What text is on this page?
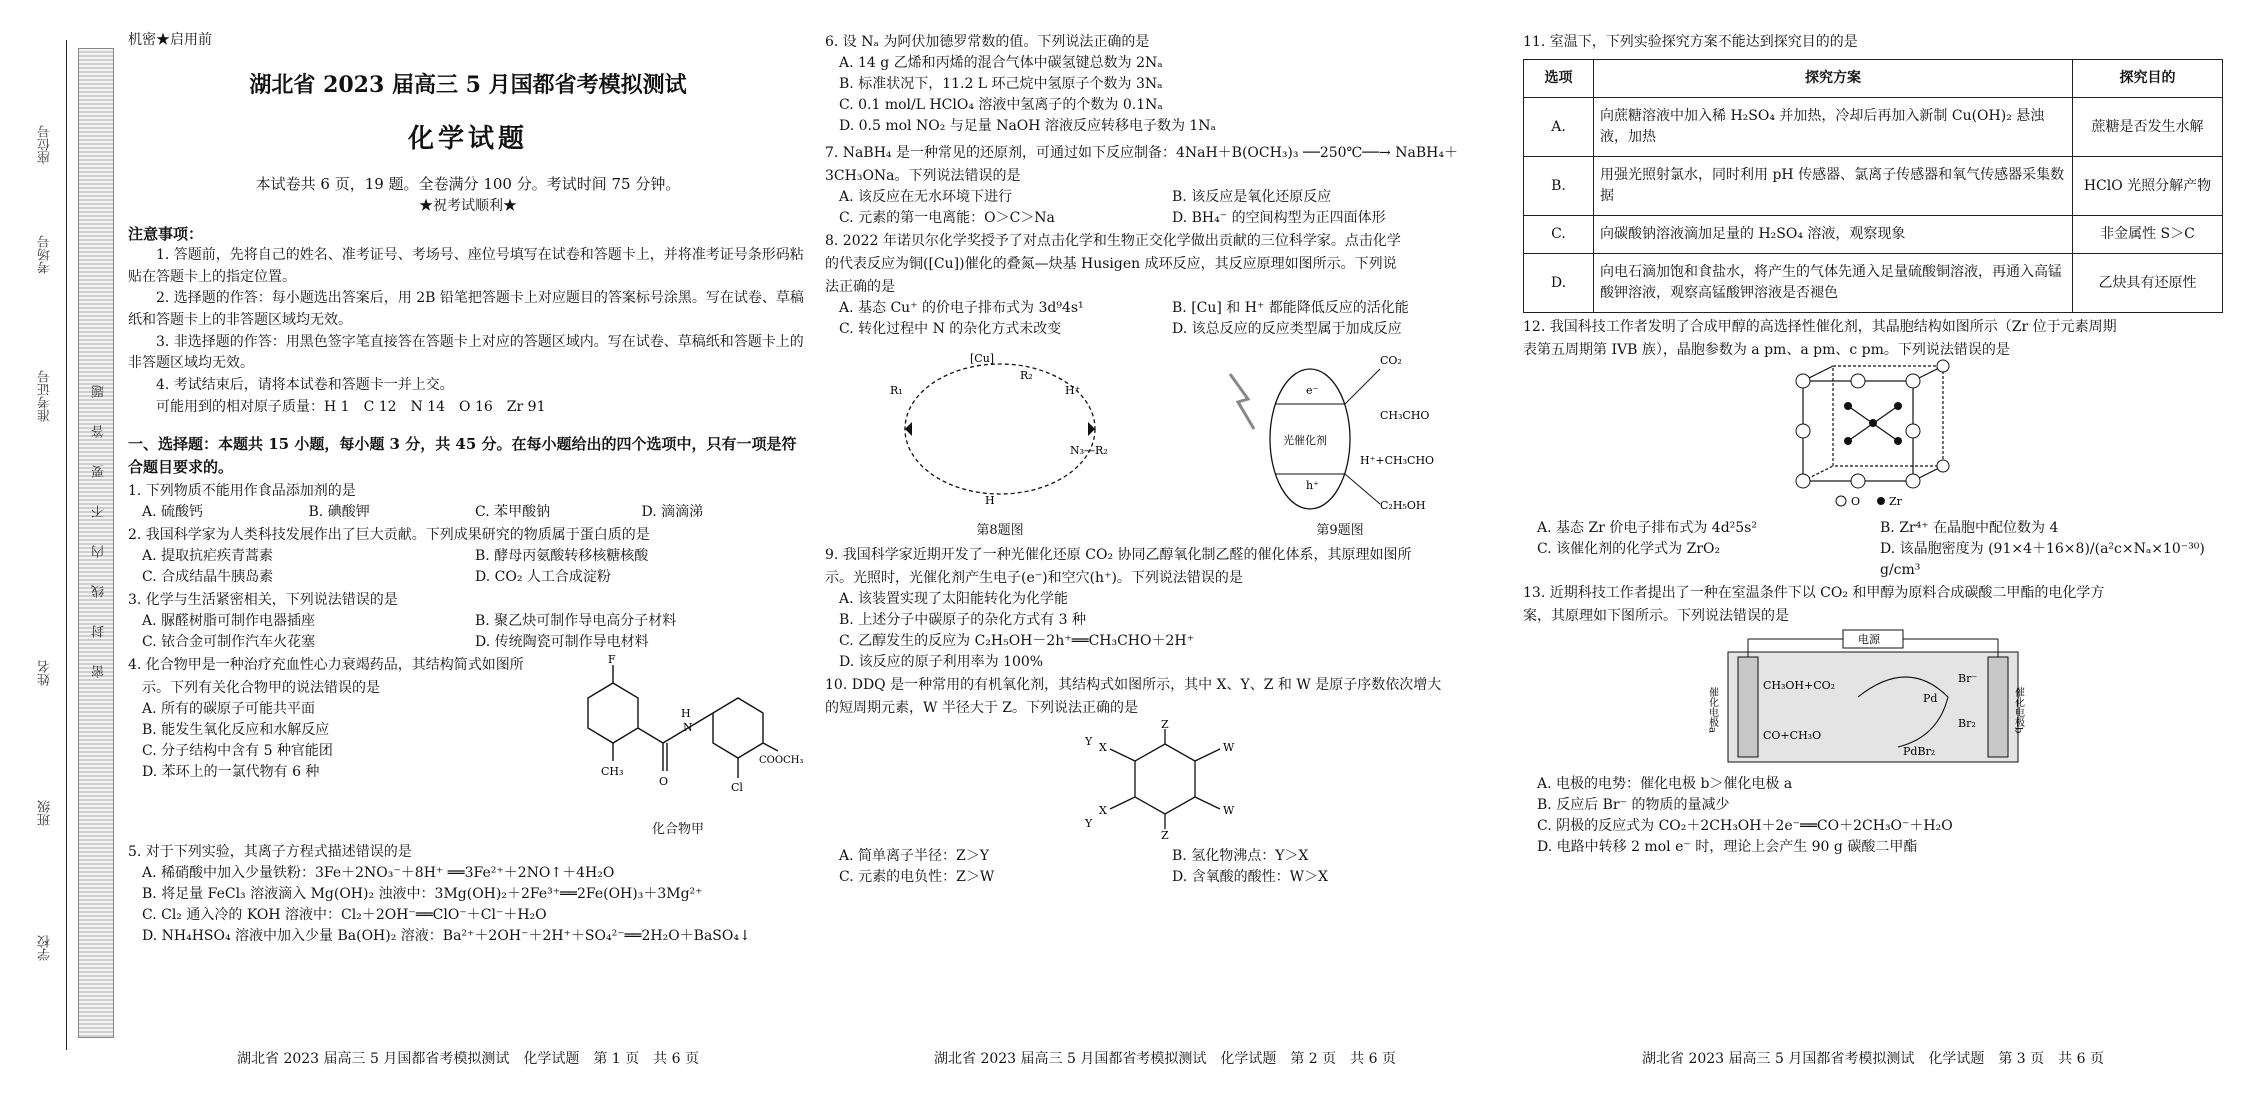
座位号
考场号
准考证号
姓名
班级
学校
题
答
要
不
内
线
封
密
机密★启用前
湖北省 2023 届高三 5 月国都省考模拟测试
化学试题
本试卷共 6 页，19 题。全卷满分 100 分。考试时间 75 分钟。
★祝考试顺利★
注意事项：
1. 答题前，先将自己的姓名、准考证号、考场号、座位号填写在试卷和答题卡上，并将准考证号条形码粘贴在答题卡上的指定位置。
2. 选择题的作答：每小题选出答案后，用 2B 铅笔把答题卡上对应题目的答案标号涂黑。写在试卷、草稿纸和答题卡上的非答题区域均无效。
3. 非选择题的作答：用黑色签字笔直接答在答题卡上对应的答题区域内。写在试卷、草稿纸和答题卡上的非答题区域均无效。
4. 考试结束后，请将本试卷和答题卡一并上交。
可能用到的相对原子质量：H 1　C 12　N 14　O 16　Zr 91
一、选择题：本题共 15 小题，每小题 3 分，共 45 分。在每小题给出的四个选项中，只有一项是符合题目要求的。
1. 下列物质不能用作食品添加剂的是
A. 硫酸钙	B. 碘酸钾	C. 苯甲酸钠	D. 滴滴涕
2. 我国科学家为人类科技发展作出了巨大贡献。下列成果研究的物质属于蛋白质的是
A. 提取抗疟疾青蒿素	B. 酵母丙氨酸转移核糖核酸
C. 合成结晶牛胰岛素	D. CO₂ 人工合成淀粉
3. 化学与生活紧密相关，下列说法错误的是
A. 脲醛树脂可制作电器插座	B. 聚乙炔可制作导电高分子材料
C. 铱合金可制作汽车火花塞	D. 传统陶瓷可制作导电材料
4. 化合物甲是一种治疗充血性心力衰竭药品，其结构简式如图所
示。下列有关化合物甲的说法错误的是
A. 所有的碳原子可能共平面
B. 能发生氧化反应和水解反应
C. 分子结构中含有 5 种官能团
D. 苯环上的一氯代物有 6 种
F
CH₃
O
H
N
Cl
COOCH₃
化合物甲
5. 对于下列实验，其离子方程式描述错误的是
A. 稀硝酸中加入少量铁粉：3Fe＋2NO₃⁻＋8H⁺ ══3Fe²⁺＋2NO↑＋4H₂O
B. 将足量 FeCl₃ 溶液滴入 Mg(OH)₂ 浊液中：3Mg(OH)₂＋2Fe³⁺══2Fe(OH)₃＋3Mg²⁺
C. Cl₂ 通入冷的 KOH 溶液中：Cl₂＋2OH⁻══ClO⁻＋Cl⁻＋H₂O
D. NH₄HSO₄ 溶液中加入少量 Ba(OH)₂ 溶液：Ba²⁺＋2OH⁻＋2H⁺＋SO₄²⁻══2H₂O＋BaSO₄↓
湖北省 2023 届高三 5 月国都省考模拟测试　化学试题　第 1 页　共 6 页
6. 设 Nₐ 为阿伏加德罗常数的值。下列说法正确的是
A. 14 g 乙烯和丙烯的混合气体中碳氢键总数为 2Nₐ
B. 标准状况下，11.2 L 环己烷中氢原子个数为 3Nₐ
C. 0.1 mol/L HClO₄ 溶液中氢离子的个数为 0.1Nₐ
D. 0.5 mol NO₂ 与足量 NaOH 溶液反应转移电子数为 1Nₐ
7. NaBH₄ 是一种常见的还原剂，可通过如下反应制备：4NaH＋B(OCH₃)₃ ──250℃──→ NaBH₄＋
3CH₃ONa。下列说法错误的是
A. 该反应在无水环境下进行	B. 该反应是氧化还原反应
C. 元素的第一电离能：O＞C＞Na	D. BH₄⁻ 的空间构型为正四面体形
8. 2022 年诺贝尔化学奖授予了对点击化学和生物正交化学做出贡献的三位科学家。点击化学
的代表反应为铜([Cu])催化的叠氮—炔基 Husigen 成环反应，其反应原理如图所示。下列说
法正确的是
A. 基态 Cu⁺ 的价电子排布式为 3d⁹4s¹	B. [Cu] 和 H⁺ 都能降低反应的活化能
C. 转化过程中 N 的杂化方式未改变	D. 该总反应的反应类型属于加成反应
[Cu]
H⁺
R₁
R₂
N₃—R₂
H
第8题图
光催化剂
e⁻
h⁺
CO₂
CH₃CHO
H⁺+CH₃CHO
C₂H₅OH
第9题图
9. 我国科学家近期开发了一种光催化还原 CO₂ 协同乙醇氧化制乙醛的催化体系，其原理如图所
示。光照时，光催化剂产生电子(e⁻)和空穴(h⁺)。下列说法错误的是
A. 该装置实现了太阳能转化为化学能
B. 上述分子中碳原子的杂化方式有 3 种
C. 乙醇发生的反应为 C₂H₅OH－2h⁺══CH₃CHO＋2H⁺
D. 该反应的原子利用率为 100%
10. DDQ 是一种常用的有机氧化剂，其结构式如图所示，其中 X、Y、Z 和 W 是原子序数依次增大
的短周期元素，W 半径大于 Z。下列说法正确的是
Z
Z
X
X
Y
Y
W
W
A. 简单离子半径：Z＞Y	B. 氢化物沸点：Y＞X
C. 元素的电负性：Z＞W	D. 含氧酸的酸性：W＞X
湖北省 2023 届高三 5 月国都省考模拟测试　化学试题　第 2 页　共 6 页
11. 室温下，下列实验探究方案不能达到探究目的的是
选项	探究方案	探究目的
A.	向蔗糖溶液中加入稀 H₂SO₄ 并加热，冷却后再加入新制 Cu(OH)₂ 悬浊液，加热	蔗糖是否发生水解
B.	用强光照射氯水，同时利用 pH 传感器、氯离子传感器和氧气传感器采集数据	HClO 光照分解产物
C.	向碳酸钠溶液滴加足量的 H₂SO₄ 溶液，观察现象	非金属性 S＞C
D.	向电石滴加饱和食盐水，将产生的气体先通入足量硫酸铜溶液，再通入高锰酸钾溶液，观察高锰酸钾溶液是否褪色	乙炔具有还原性
12. 我国科技工作者发明了合成甲醇的高选择性催化剂，其晶胞结构如图所示（Zr 位于元素周期
表第五周期第 IVB 族），晶胞参数为 a pm、a pm、c pm。下列说法错误的是
O	Zr
A. 基态 Zr 价电子排布式为 4d²5s²	B. Zr⁴⁺ 在晶胞中配位数为 4
C. 该催化剂的化学式为 ZrO₂	D. 该晶胞密度为 (91×4＋16×8)/(a²c×Nₐ×10⁻³⁰) g/cm³
13. 近期科技工作者提出了一种在室温条件下以 CO₂ 和甲醇为原料合成碳酸二甲酯的电化学方
案，其原理如下图所示。下列说法错误的是
电源
催化电极a	催化电极b
CH₃OH+CO₂
CO+CH₃O
Pd
Br⁻
Br₂
PdBr₂
A. 电极的电势：催化电极 b＞催化电极 a
B. 反应后 Br⁻ 的物质的量减少
C. 阴极的反应式为 CO₂＋2CH₃OH＋2e⁻══CO＋2CH₃O⁻＋H₂O
D. 电路中转移 2 mol e⁻ 时，理论上会产生 90 g 碳酸二甲酯
湖北省 2023 届高三 5 月国都省考模拟测试　化学试题　第 3 页　共 6 页
